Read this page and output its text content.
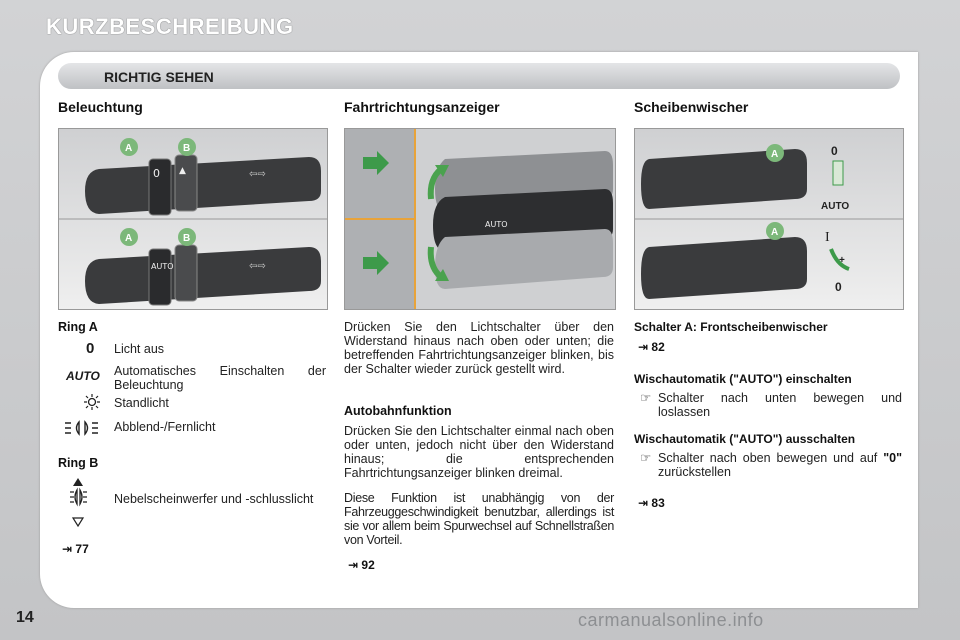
KURZBESCHREIBUNG
RICHTIG SEHEN
Beleuchtung	Fahrtrichtungsanzeiger	Scheibenwischer
0 ▲	⇦⇨
A	B
AUTO	⇦⇨
A	B
AUTO
A
A
0
AUTO
I
+
0
Ring A
0 Licht aus
AUTO Automatisches Einschalten der Beleuchtung
Standlicht
Abblend-/Fernlicht
Ring B
Nebelscheinwerfer und -schlusslicht
⇥ 77
Drücken Sie den Lichtschalter über den Widerstand hinaus nach oben oder unten; die betreffenden Fahrtrichtungsanzeiger blinken, bis der Schalter wieder zurück gestellt wird.
Autobahnfunktion
Drücken Sie den Lichtschalter einmal nach oben oder unten, jedoch nicht über den Widerstand hinaus; die entsprechenden Fahrtrichtungsanzeiger blinken dreimal.
Diese Funktion ist unabhängig von der Fahrzeuggeschwindigkeit benutzbar, allerdings ist sie vor allem beim Spurwechsel auf Schnellstraßen von Vorteil.
⇥ 92
Schalter A: Frontscheibenwischer
⇥ 82
Wischautomatik ("AUTO") einschalten
☞ Schalter nach unten bewegen und loslassen
Wischautomatik ("AUTO") ausschalten
☞ Schalter nach oben bewegen und auf "0" zurückstellen
⇥ 83
14	carmanualsonline.info
